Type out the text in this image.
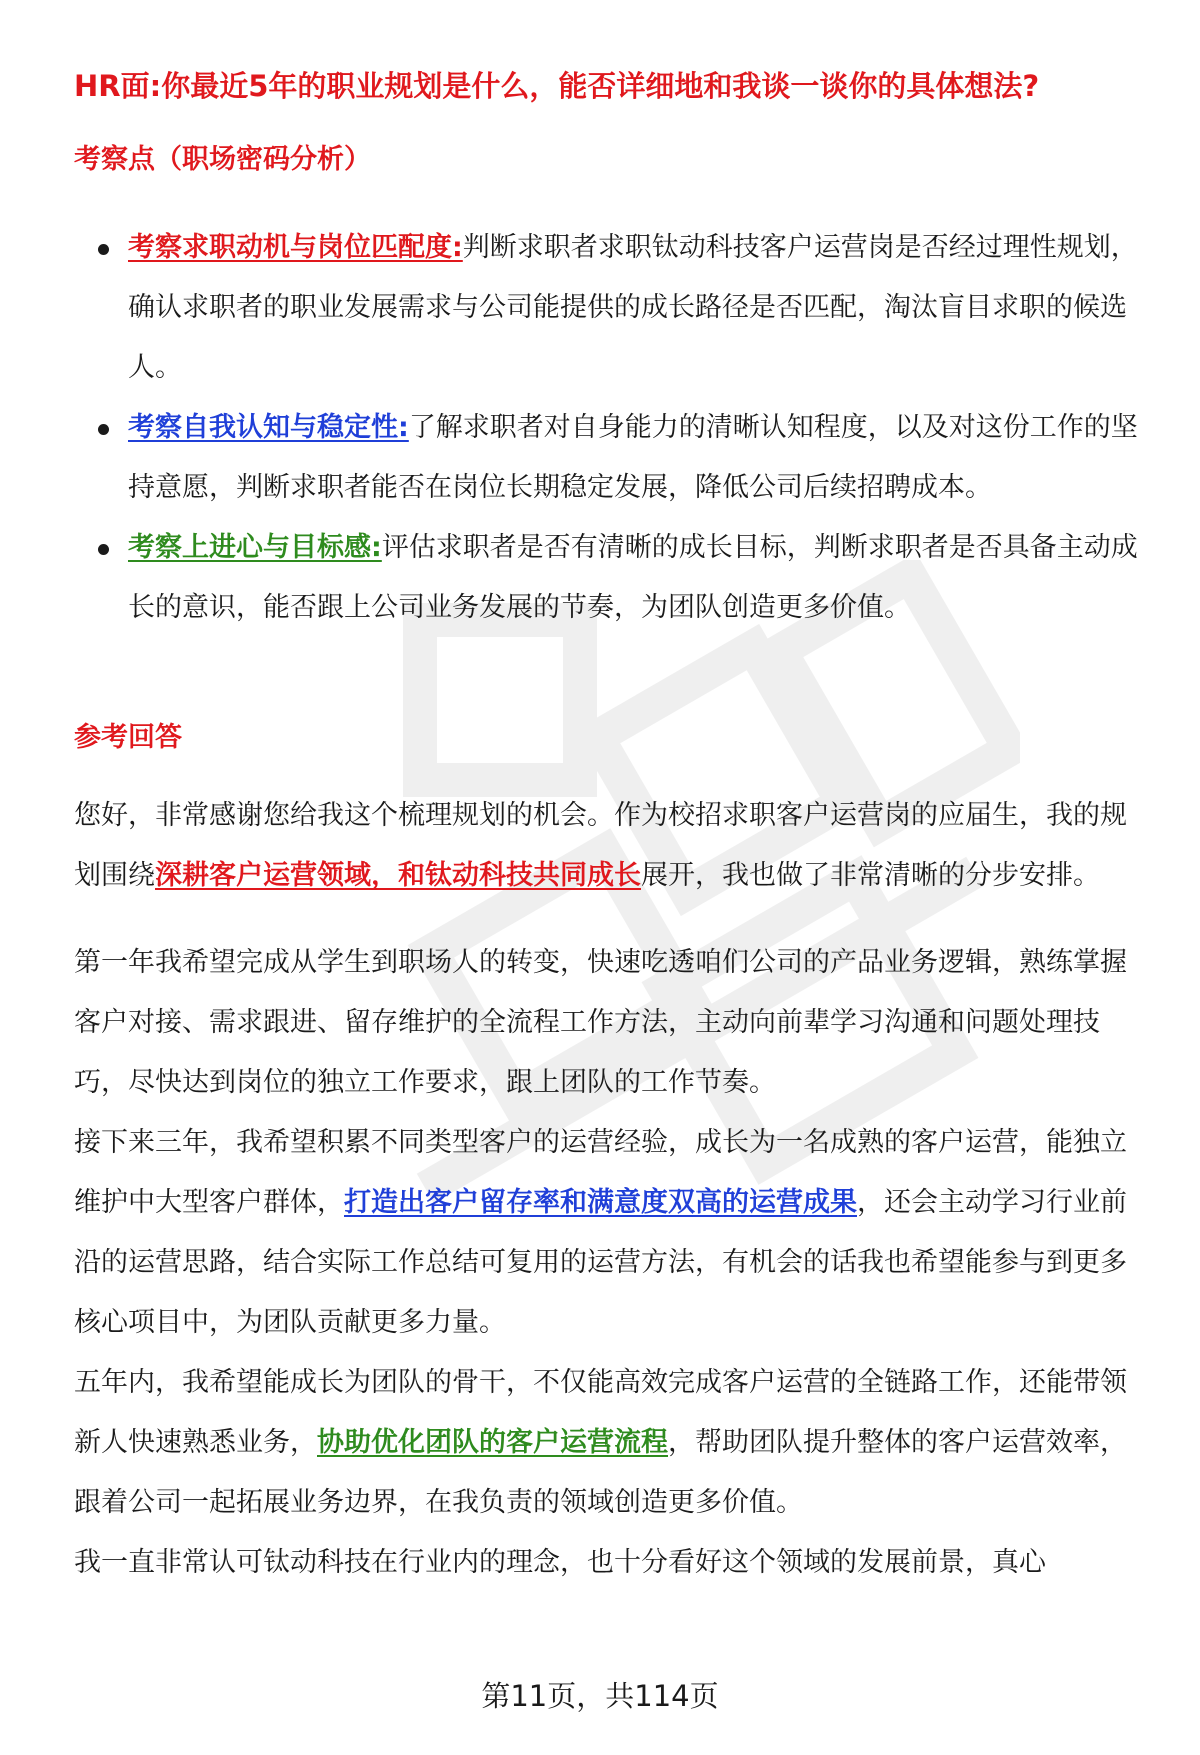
HR面:你最近5年的职业规划是什么，能否详细地和我谈一谈你的具体想法?
考察点（职场密码分析）
考察求职动机与岗位匹配度:判断求职者求职钛动科技客户运营岗是否经过理性规划，确认求职者的职业发展需求与公司能提供的成长路径是否匹配，淘汰盲目求职的候选人。
考察自我认知与稳定性:了解求职者对自身能力的清晰认知程度，以及对这份工作的坚持意愿，判断求职者能否在岗位长期稳定发展，降低公司后续招聘成本。
考察上进心与目标感:评估求职者是否有清晰的成长目标，判断求职者是否具备主动成长的意识，能否跟上公司业务发展的节奏，为团队创造更多价值。
参考回答

您好，非常感谢您给我这个梳理规划的机会。作为校招求职客户运营岗的应届生，我的规划围绕深耕客户运营领域，和钛动科技共同成长展开，我也做了非常清晰的分步安排。

第一年我希望完成从学生到职场人的转变，快速吃透咱们公司的产品业务逻辑，熟练掌握客户对接、需求跟进、留存维护的全流程工作方法，主动向前辈学习沟通和问题处理技巧，尽快达到岗位的独立工作要求，跟上团队的工作节奏。

接下来三年，我希望积累不同类型客户的运营经验，成长为一名成熟的客户运营，能独立维护中大型客户群体，打造出客户留存率和满意度双高的运营成果，还会主动学习行业前沿的运营思路，结合实际工作总结可复用的运营方法，有机会的话我也希望能参与到更多核心项目中，为团队贡献更多力量。

五年内，我希望能成长为团队的骨干，不仅能高效完成客户运营的全链路工作，还能带领新人快速熟悉业务，协助优化团队的客户运营流程，帮助团队提升整体的客户运营效率，跟着公司一起拓展业务边界，在我负责的领域创造更多价值。

我一直非常认可钛动科技在行业内的理念，也十分看好这个领域的发展前景，真心

第11页，共114页
